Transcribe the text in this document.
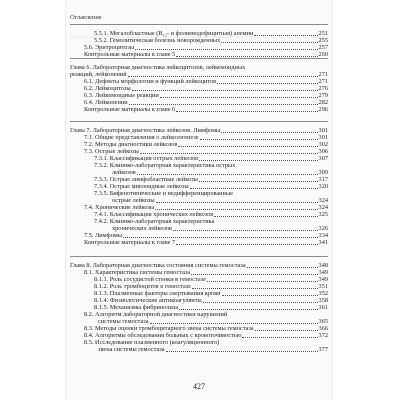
Оглавление
5.5.1. Мегалобластные (B₁₂- и фолиеводефицитная) анемии	251
5.5.2. Гемолитическая болезнь новорожденных	255
5.6. Эритроцитозы	257
Контрольные материалы к главе 5	260
Глава 6. Лабораторная диагностика лейкоцитозов, лейкемоидных
реакций, лейкопений	271
6.1. Дефекты морфологии и функций лейкоцитов	271
6.2. Лейкоцитозы	276
6.3. Лейкемоидные реакции	279
6.4. Лейкопении	282
Контрольные материалы к главе 6	296
Глава 7. Лабораторная диагностика лейкозов. Лимфомы	301
7.1. Общие представления о лейкозогенезе	301
7.2. Методы диагностики лейкозов	302
7.3. Острые лейкозы	306
7.3.1. Классификация острых лейкозов	307
7.3.2. Клинико-лабораторная характеристика острых
лейкозов	309
7.3.3. Острые лимфобластные лейкозы	317
7.3.4. Острые миелоидные лейкозы	320
7.3.5. Бифенотипические и недифференцированные
острые лейкозы	324
7.4. Хронические лейкозы	324
7.4.1. Классификация хронических лейкозов	325
7.4.2. Клинико-лабораторная характеристика
хронических лейкозов	326
7.5. Лимфомы	334
Контрольные материалы к главе 7	341
Глава 8. Лабораторная диагностика состояния системы гемостаза	348
8.1. Характеристика системы гемостаза	349
8.1.1. Роль сосудистой стенки в гемостазе	349
8.1.2. Роль тромбоцитов в гемостазе	351
8.1.3. Плазменные факторы свертывания крови	352
8.1.4. Физиологические антикоагулянты	358
8.1.5. Механизмы фибринолиза	361
8.2. Алгоритм лабораторной диагностики нарушений
системы гемостаза	365
8.3. Методы оценки тромбоцитарного звена системы гемостаза	366
8.4. Алгоритмы обследования больных с кровоточивостью	372
8.5. Исследование плазменного (коагуляционного)
звена системы гемостаза	377
427
